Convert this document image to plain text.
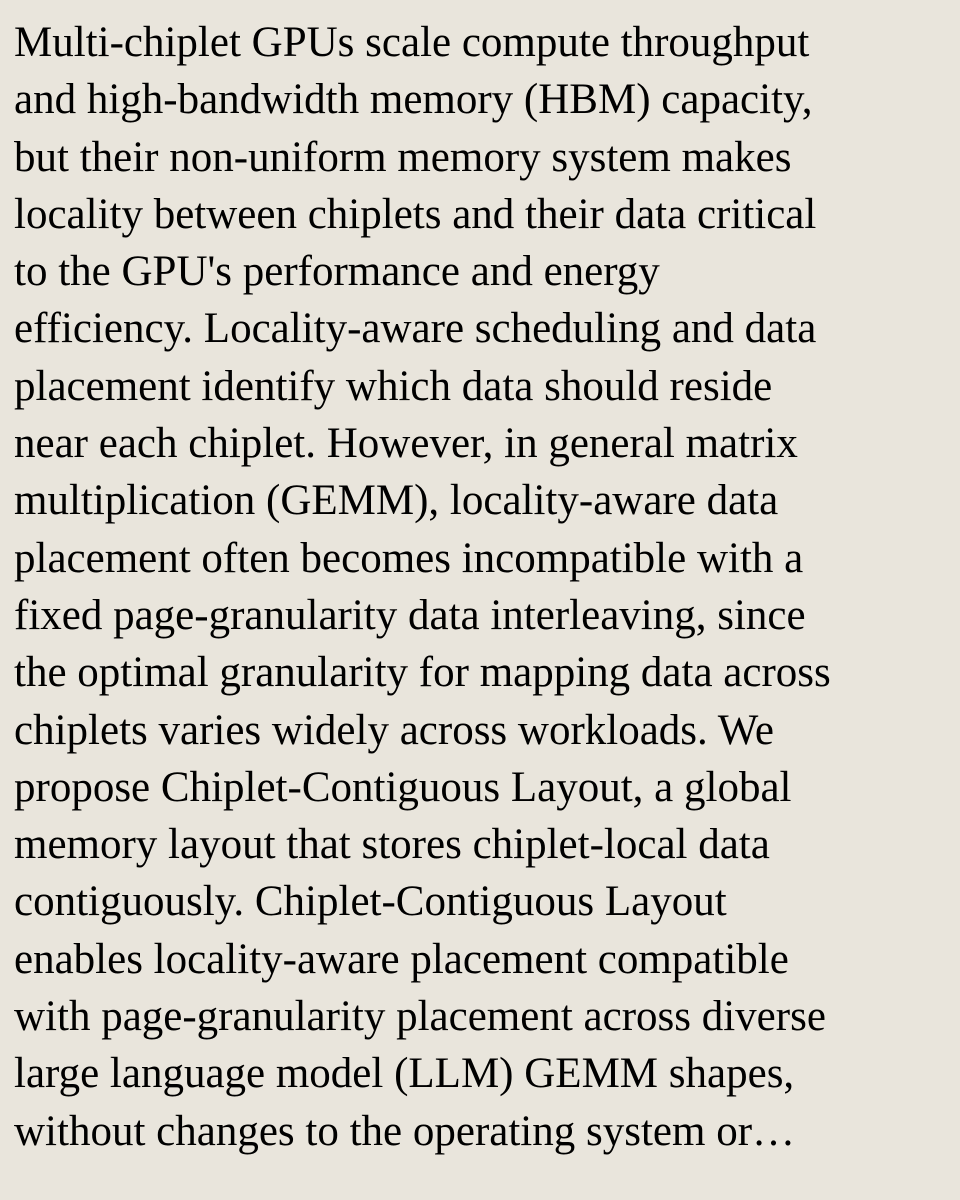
Multi-chiplet GPUs scale compute throughput
and high-bandwidth memory (HBM) capacity,
but their non-uniform memory system makes
locality between chiplets and their data critical
to the GPU's performance and energy
efficiency. Locality-aware scheduling and data
placement identify which data should reside
near each chiplet. However, in general matrix
multiplication (GEMM), locality-aware data
placement often becomes incompatible with a
fixed page-granularity data interleaving, since
the optimal granularity for mapping data across
chiplets varies widely across workloads. We
propose Chiplet-Contiguous Layout, a global
memory layout that stores chiplet-local data
contiguously. Chiplet-Contiguous Layout
enables locality-aware placement compatible
with page-granularity placement across diverse
large language model (LLM) GEMM shapes,
without changes to the operating system or…
